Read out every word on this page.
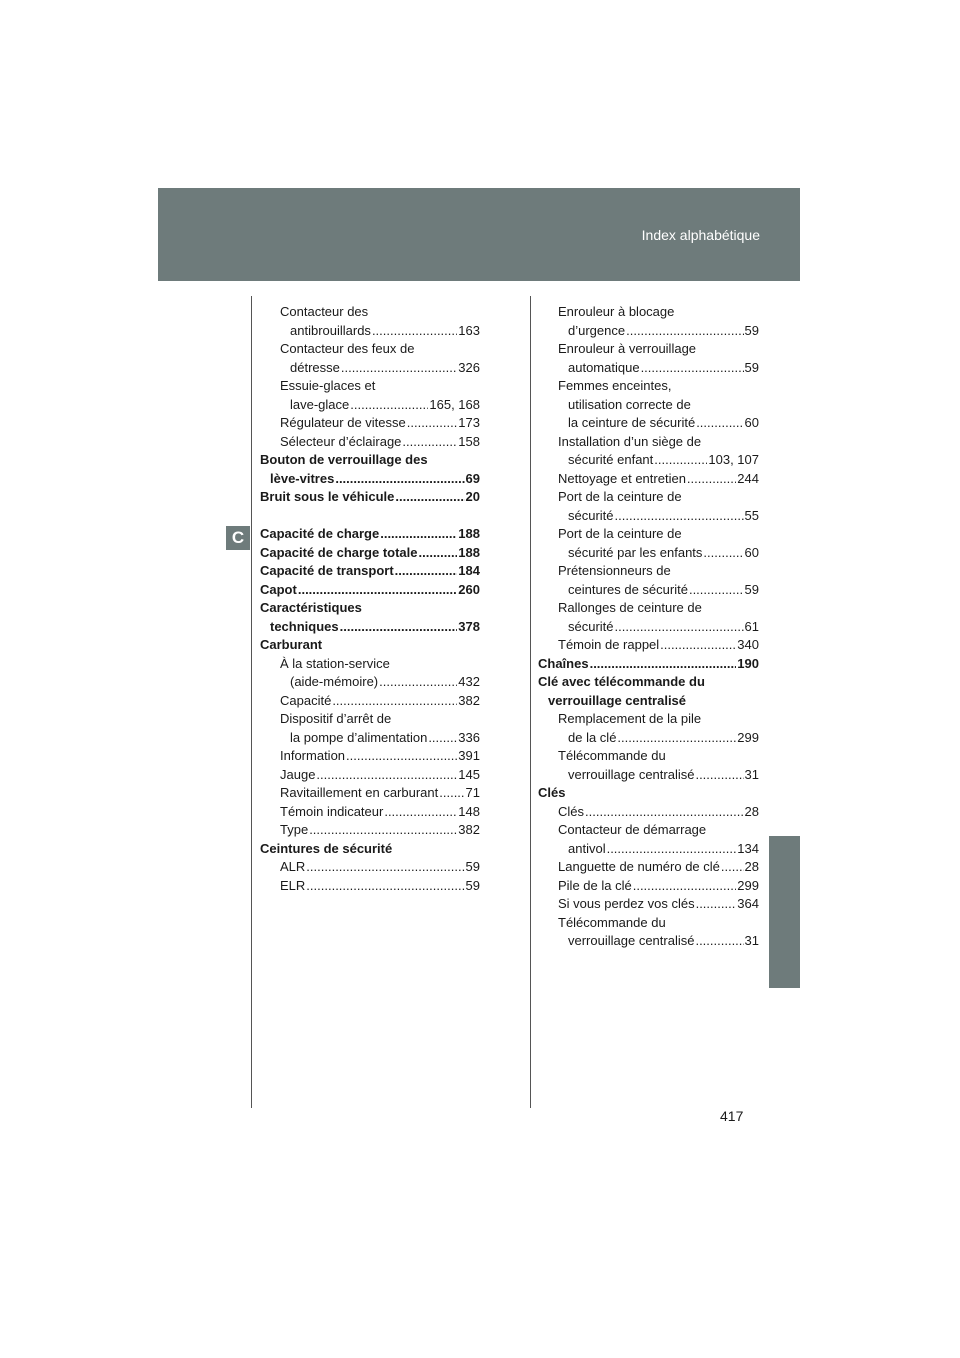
Index alphabétique
C
Contacteur des
antibrouillards .....	163
Contacteur des feux de
détresse .....	326
Essuie-glaces et
lave-glace .....	165, 168
Régulateur de vitesse .....	173
Sélecteur d’éclairage .....	158
Bouton de verrouillage des
lève-vitres .....	69
Bruit sous le véhicule .....	20
Capacité de charge .....	188
Capacité de charge totale .....	188
Capacité de transport .....	184
Capot .....	260
Caractéristiques
techniques .....	378
Carburant
À la station-service
(aide-mémoire) .....	432
Capacité .....	382
Dispositif d’arrêt de
la pompe d’alimentation ..... 336
Information .....	391
Jauge .....	145
Ravitaillement en carburant ..... 71
Témoin indicateur .....	148
Type .....	382
Ceintures de sécurité
ALR .....	59
ELR .....	59
Enrouleur à blocage
d’urgence .....	59
Enrouleur à verrouillage
automatique .....	59
Femmes enceintes,
utilisation correcte de
la ceinture de sécurité .....	60
Installation d’un siège de
sécurité enfant .....	103, 107
Nettoyage et entretien .....	244
Port de la ceinture de
sécurité .....	55
Port de la ceinture de
sécurité par les enfants .....	60
Prétensionneurs de
ceintures de sécurité .....	59
Rallonges de ceinture de
sécurité .....	61
Témoin de rappel .....	340
Chaînes .....	190
Clé avec télécommande du
verrouillage centralisé
Remplacement de la pile
de la clé .....	299
Télécommande du
verrouillage centralisé .....	31
Clés
Clés .....	28
Contacteur de démarrage
antivol .....	134
Languette de numéro de clé ..... 28
Pile de la clé .....	299
Si vous perdez vos clés .....	364
Télécommande du
verrouillage centralisé .....	31
417
